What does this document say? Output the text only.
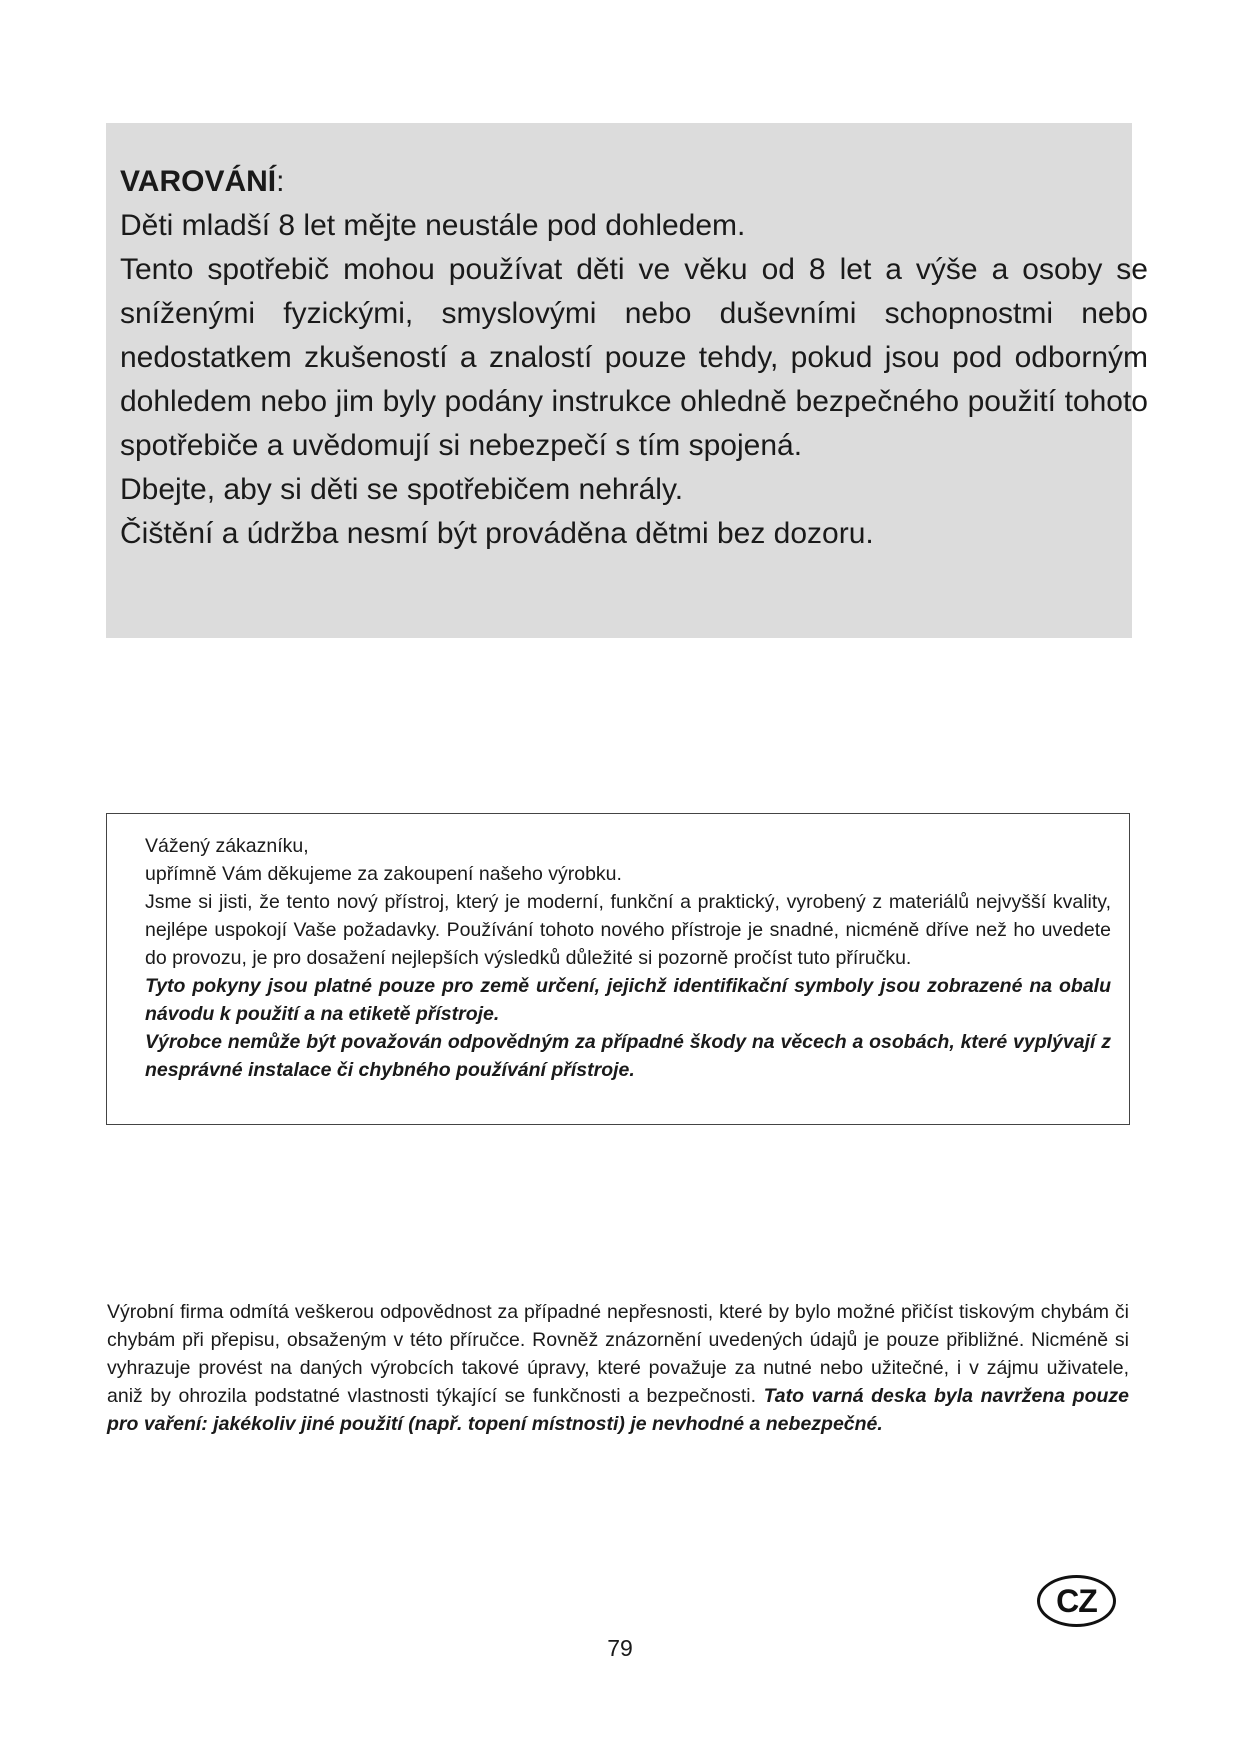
VAROVÁNÍ:

Děti mladší 8 let mějte neustále pod dohledem.

Tento spotřebič mohou používat děti ve věku od 8 let a výše a osoby se sníženými fyzickými, smyslovými nebo duševními schopnostmi nebo nedostatkem zkušeností a znalostí pouze tehdy, pokud jsou pod odborným dohledem nebo jim byly podány instrukce ohledně bezpečného použití tohoto spotřebiče a uvědomují si nebezpečí s tím spojená.

Dbejte, aby si děti se spotřebičem nehrály.

Čištění a údržba nesmí být prováděna dětmi bez dozoru.

Vážený zákazníku,

upřímně Vám děkujeme za zakoupení našeho výrobku.

Jsme si jisti, že tento nový přístroj, který je moderní, funkční a praktický, vyrobený z materiálů nejvyšší kvality, nejlépe uspokojí Vaše požadavky. Používání tohoto nového přístroje je snadné, nicméně dříve než ho uvedete do provozu, je pro dosažení nejlepších výsledků důležité si pozorně pročíst tuto příručku.

Tyto pokyny jsou platné pouze pro země určení, jejichž identifikační symboly jsou zobrazené na obalu návodu k použití a na etiketě přístroje.

Výrobce nemůže být považován odpovědným za případné škody na věcech a osobách, které vyplývají z nesprávné instalace či chybného používání přístroje.

Výrobní firma odmítá veškerou odpovědnost za případné nepřesnosti, které by bylo možné přičíst tiskovým chybám či chybám při přepisu, obsaženým v této příručce. Rovněž znázornění uvedených údajů je pouze přibližné. Nicméně si vyhrazuje provést na daných výrobcích takové úpravy, které považuje za nutné nebo užitečné, i v zájmu uživatele, aniž by ohrozila podstatné vlastnosti týkající se funkčnosti a bezpečnosti. Tato varná deska byla navržena pouze pro vaření: jakékoliv jiné použití (např. topení místnosti) je nevhodné a nebezpečné.

CZ
79
